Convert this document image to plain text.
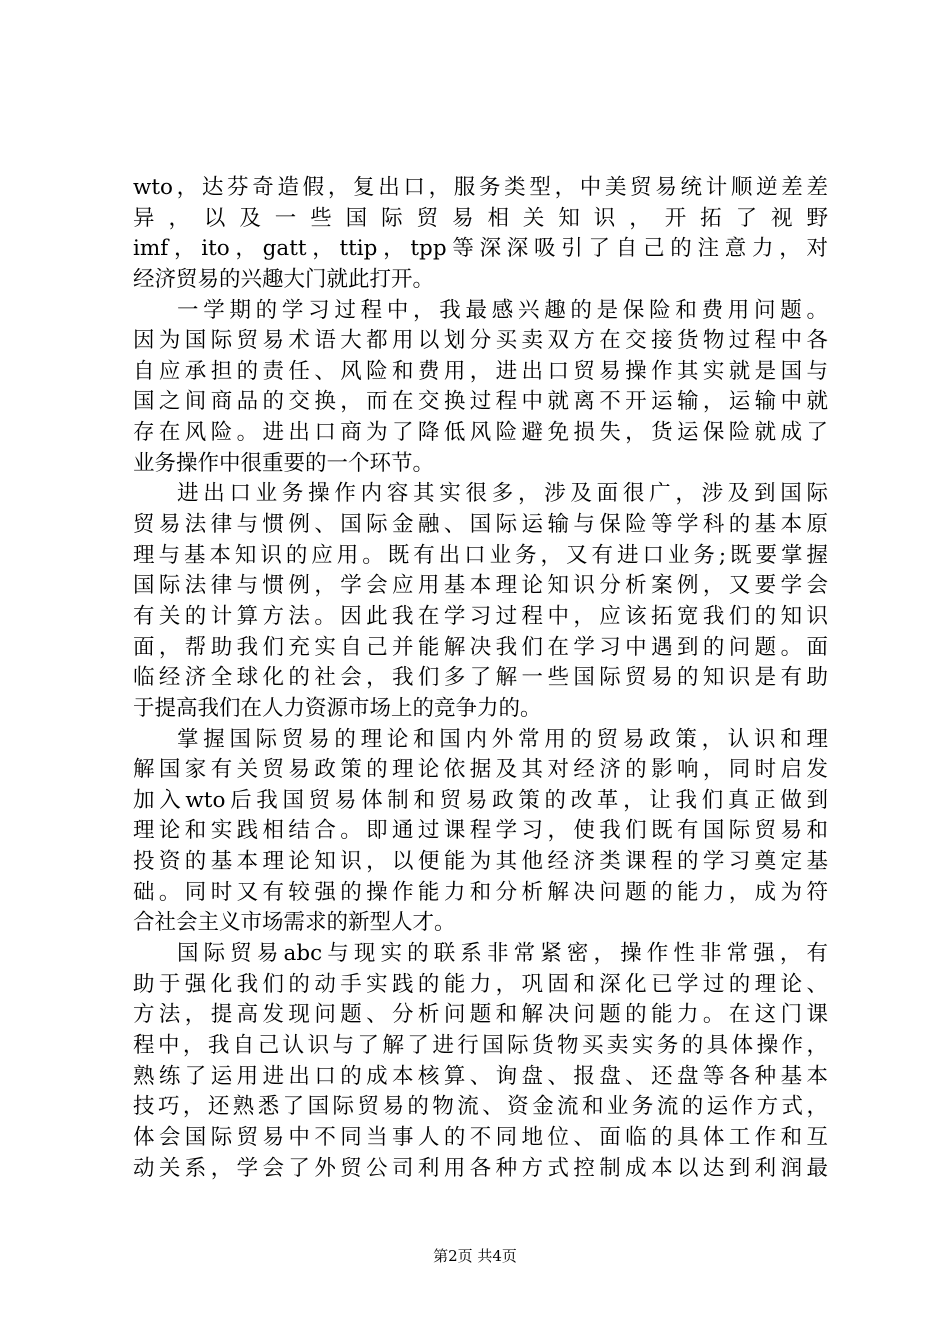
wto，达芬奇造假，复出口，服务类型，中美贸易统计顺逆差差
异 ， 以 及 一 些 国 际 贸 易 相 关 知 识 ， 开 拓 了 视 野
imf，ito，gatt，ttip，tpp等深深吸引了自己的注意力，对
经济贸易的兴趣大门就此打开。
一学期的学习过程中，我最感兴趣的是保险和费用问题。
因为国际贸易术语大都用以划分买卖双方在交接货物过程中各
自应承担的责任、风险和费用，进出口贸易操作其实就是国与
国之间商品的交换，而在交换过程中就离不开运输，运输中就
存在风险。进出口商为了降低风险避免损失，货运保险就成了
业务操作中很重要的一个环节。
进出口业务操作内容其实很多，涉及面很广，涉及到国际
贸易法律与惯例、国际金融、国际运输与保险等学科的基本原
理与基本知识的应用。既有出口业务，又有进口业务;既要掌握
国际法律与惯例，学会应用基本理论知识分析案例，又要学会
有关的计算方法。因此我在学习过程中，应该拓宽我们的知识
面，帮助我们充实自己并能解决我们在学习中遇到的问题。面
临经济全球化的社会，我们多了解一些国际贸易的知识是有助
于提高我们在人力资源市场上的竞争力的。
掌握国际贸易的理论和国内外常用的贸易政策，认识和理
解国家有关贸易政策的理论依据及其对经济的影响，同时启发
加入wto后我国贸易体制和贸易政策的改革，让我们真正做到
理论和实践相结合。即通过课程学习，使我们既有国际贸易和
投资的基本理论知识，以便能为其他经济类课程的学习奠定基
础。同时又有较强的操作能力和分析解决问题的能力，成为符
合社会主义市场需求的新型人才。
国际贸易abc与现实的联系非常紧密，操作性非常强，有
助于强化我们的动手实践的能力，巩固和深化已学过的理论、
方法，提高发现问题、分析问题和解决问题的能力。在这门课
程中，我自己认识与了解了进行国际货物买卖实务的具体操作，
熟练了运用进出口的成本核算、询盘、报盘、还盘等各种基本
技巧，还熟悉了国际贸易的物流、资金流和业务流的运作方式，
体会国际贸易中不同当事人的不同地位、面临的具体工作和互
动关系，学会了外贸公司利用各种方式控制成本以达到利润最
第2页 共4页
